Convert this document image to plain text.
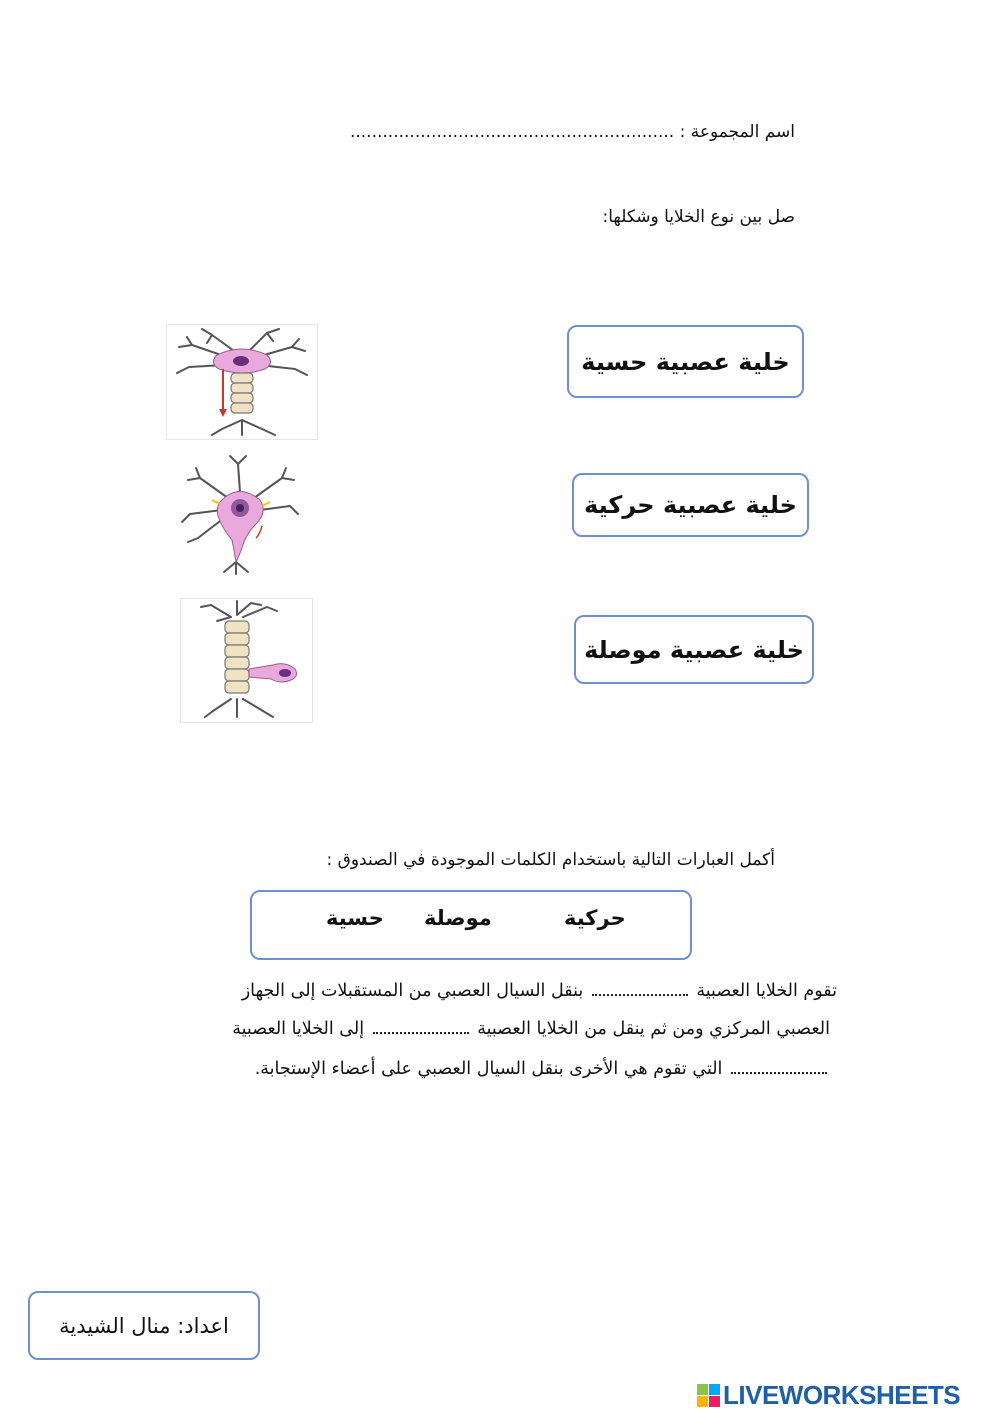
اسم المجموعة : ............................................................
صل بين نوع الخلايا وشكلها:
خلية عصبية حسية
خلية عصبية حركية
خلية عصبية موصلة
أكمل العبارات التالية باستخدام الكلمات الموجودة في الصندوق :
حركية
موصلة
حسية
تقوم الخلايا العصبية  بنقل السيال العصبي من المستقبلات إلى الجهاز
العصبي المركزي ومن ثم ينقل من الخلايا العصبية  إلى الخلايا العصبية
التي تقوم هي الأخرى بنقل السيال العصبي على أعضاء الإستجابة.
اعداد: منال الشيدية
LIVEWORKSHEETS
